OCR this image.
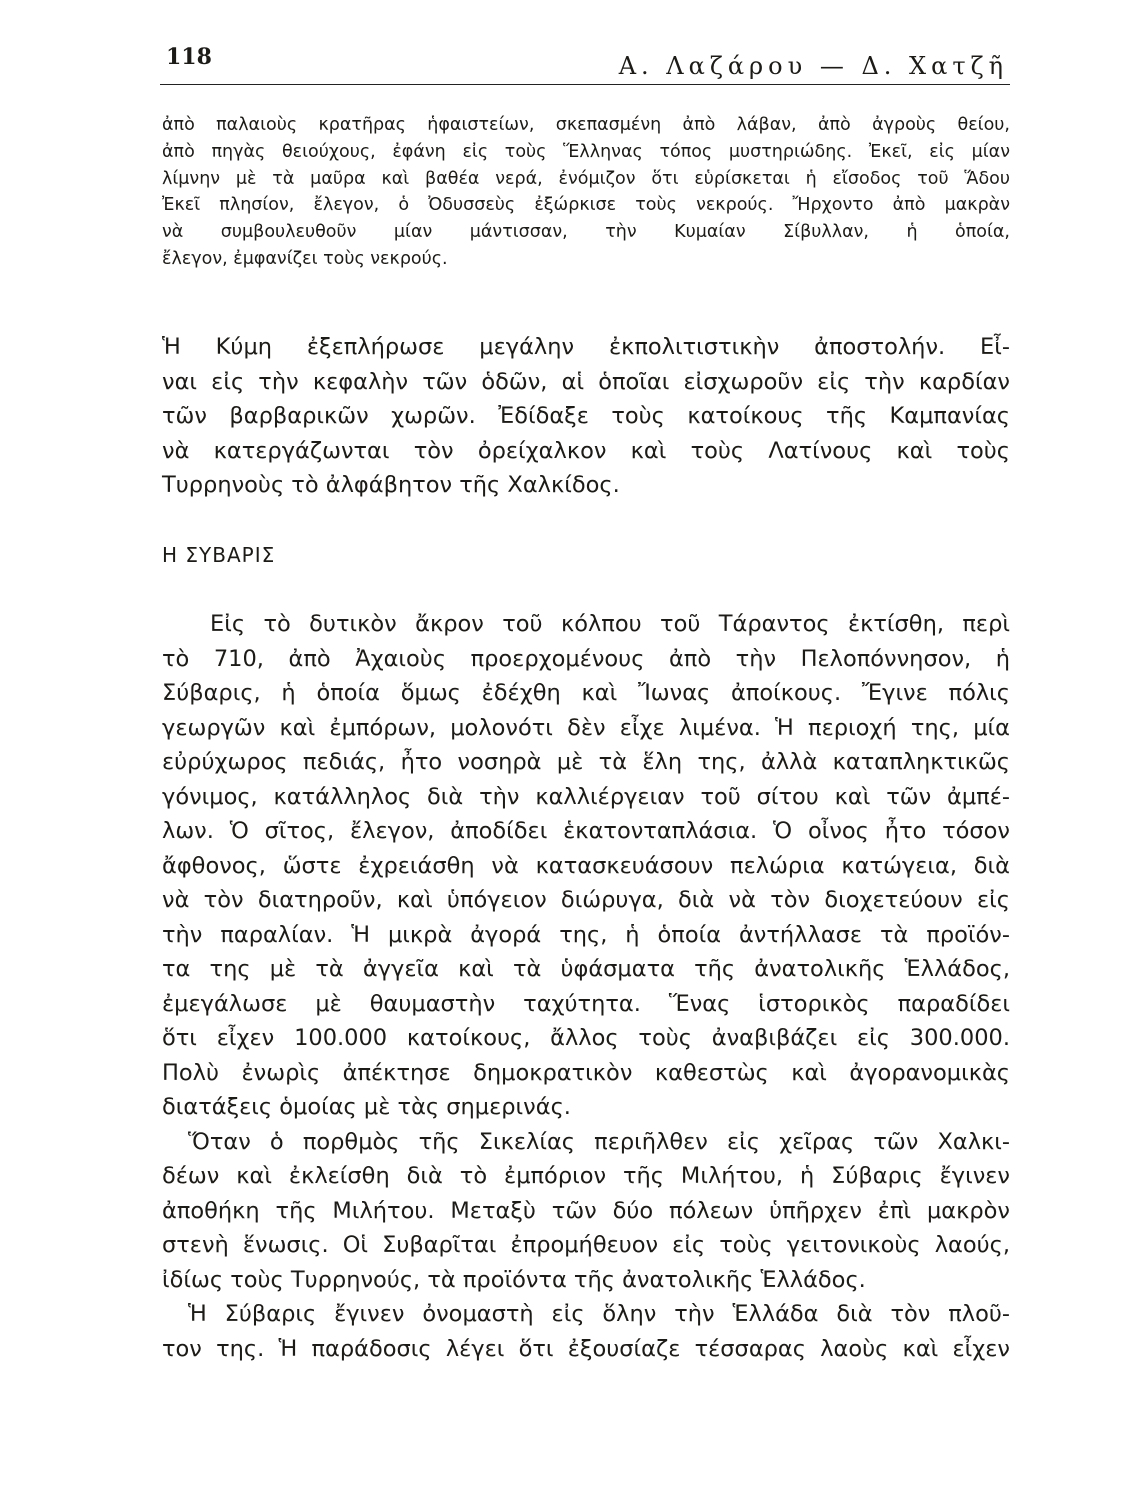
118	Α. Λαζάρου — Δ. Χατζῆ
ἀπὸ παλαιοὺς κρατῆρας ἡφαιστείων, σκεπασμένη ἀπὸ λάβαν, ἀπὸ ἀγροὺς θείου,
ἀπὸ πηγὰς θειούχους, ἐφάνη εἰς τοὺς Ἕλληνας τόπος μυστηριώδης. Ἐκεῖ, εἰς μίαν
λίμνην μὲ τὰ μαῦρα καὶ βαθέα νερά, ἐνόμιζον ὅτι εὑρίσκεται ἡ εἴσοδος τοῦ Ἅδου
Ἐκεῖ πλησίον, ἔλεγον, ὁ Ὀδυσσεὺς ἐξώρκισε τοὺς νεκρούς. Ἤρχοντο ἀπὸ μακρὰν
νὰ συμβουλευθοῦν μίαν μάντισσαν, τὴν Κυμαίαν Σίβυλλαν, ἡ ὁποία,
ἔλεγον, ἐμφανίζει τοὺς νεκρούς.
Ἡ Κύμη ἐξεπλήρωσε μεγάλην ἐκπολιτιστικὴν ἀποστολήν. Εἶ-
ναι εἰς τὴν κεφαλὴν τῶν ὁδῶν, αἱ ὁποῖαι εἰσχωροῦν εἰς τὴν καρδίαν
τῶν βαρβαρικῶν χωρῶν. Ἐδίδαξε τοὺς κατοίκους τῆς Καμπανίας
νὰ κατεργάζωνται τὸν ὀρείχαλκον καὶ τοὺς Λατίνους καὶ τοὺς
Τυρρηνοὺς τὸ ἀλφάβητον τῆς Χαλκίδος.
Η ΣΥΒΑΡΙΣ
Εἰς τὸ δυτικὸν ἄκρον τοῦ κόλπου τοῦ Τάραντος ἐκτίσθη, περὶ
τὸ 710, ἀπὸ Ἀχαιοὺς προερχομένους ἀπὸ τὴν Πελοπόννησον, ἡ
Σύβαρις, ἡ ὁποία ὅμως ἐδέχθη καὶ Ἴωνας ἀποίκους. Ἔγινε πόλις
γεωργῶν καὶ ἐμπόρων, μολονότι δὲν εἶχε λιμένα. Ἡ περιοχή της, μία
εὐρύχωρος πεδιάς, ἦτο νοσηρὰ μὲ τὰ ἕλη της, ἀλλὰ καταπληκτικῶς
γόνιμος, κατάλληλος διὰ τὴν καλλιέργειαν τοῦ σίτου καὶ τῶν ἀμπέ-
λων. Ὁ σῖτος, ἔλεγον, ἀποδίδει ἑκατονταπλάσια. Ὁ οἶνος ἦτο τόσον
ἄφθονος, ὥστε ἐχρειάσθη νὰ κατασκευάσουν πελώρια κατώγεια, διὰ
νὰ τὸν διατηροῦν, καὶ ὑπόγειον διώρυγα, διὰ νὰ τὸν διοχετεύουν εἰς
τὴν παραλίαν. Ἡ μικρὰ ἀγορά της, ἡ ὁποία ἀντήλλασε τὰ προϊόν-
τα της μὲ τὰ ἀγγεῖα καὶ τὰ ὑφάσματα τῆς ἀνατολικῆς Ἑλλάδος,
ἐμεγάλωσε μὲ θαυμαστὴν ταχύτητα. Ἕνας ἱστορικὸς παραδίδει
ὅτι εἶχεν 100.000 κατοίκους, ἄλλος τοὺς ἀναβιβάζει εἰς 300.000.
Πολὺ ἐνωρὶς ἀπέκτησε δημοκρατικὸν καθεστὼς καὶ ἀγορανομικὰς
διατάξεις ὁμοίας μὲ τὰς σημερινάς.
Ὅταν ὁ πορθμὸς τῆς Σικελίας περιῆλθεν εἰς χεῖρας τῶν Χαλκι-
δέων καὶ ἐκλείσθη διὰ τὸ ἐμπόριον τῆς Μιλήτου, ἡ Σύβαρις ἔγινεν
ἀποθήκη τῆς Μιλήτου. Μεταξὺ τῶν δύο πόλεων ὑπῆρχεν ἐπὶ μακρὸν
στενὴ ἕνωσις. Οἱ Συβαρῖται ἐπρομήθευον εἰς τοὺς γειτονικοὺς λαούς,
ἰδίως τοὺς Τυρρηνούς, τὰ προϊόντα τῆς ἀνατολικῆς Ἑλλάδος.
Ἡ Σύβαρις ἔγινεν ὀνομαστὴ εἰς ὅλην τὴν Ἑλλάδα διὰ τὸν πλοῦ-
τον της. Ἡ παράδοσις λέγει ὅτι ἐξουσίαζε τέσσαρας λαοὺς καὶ εἶχεν
